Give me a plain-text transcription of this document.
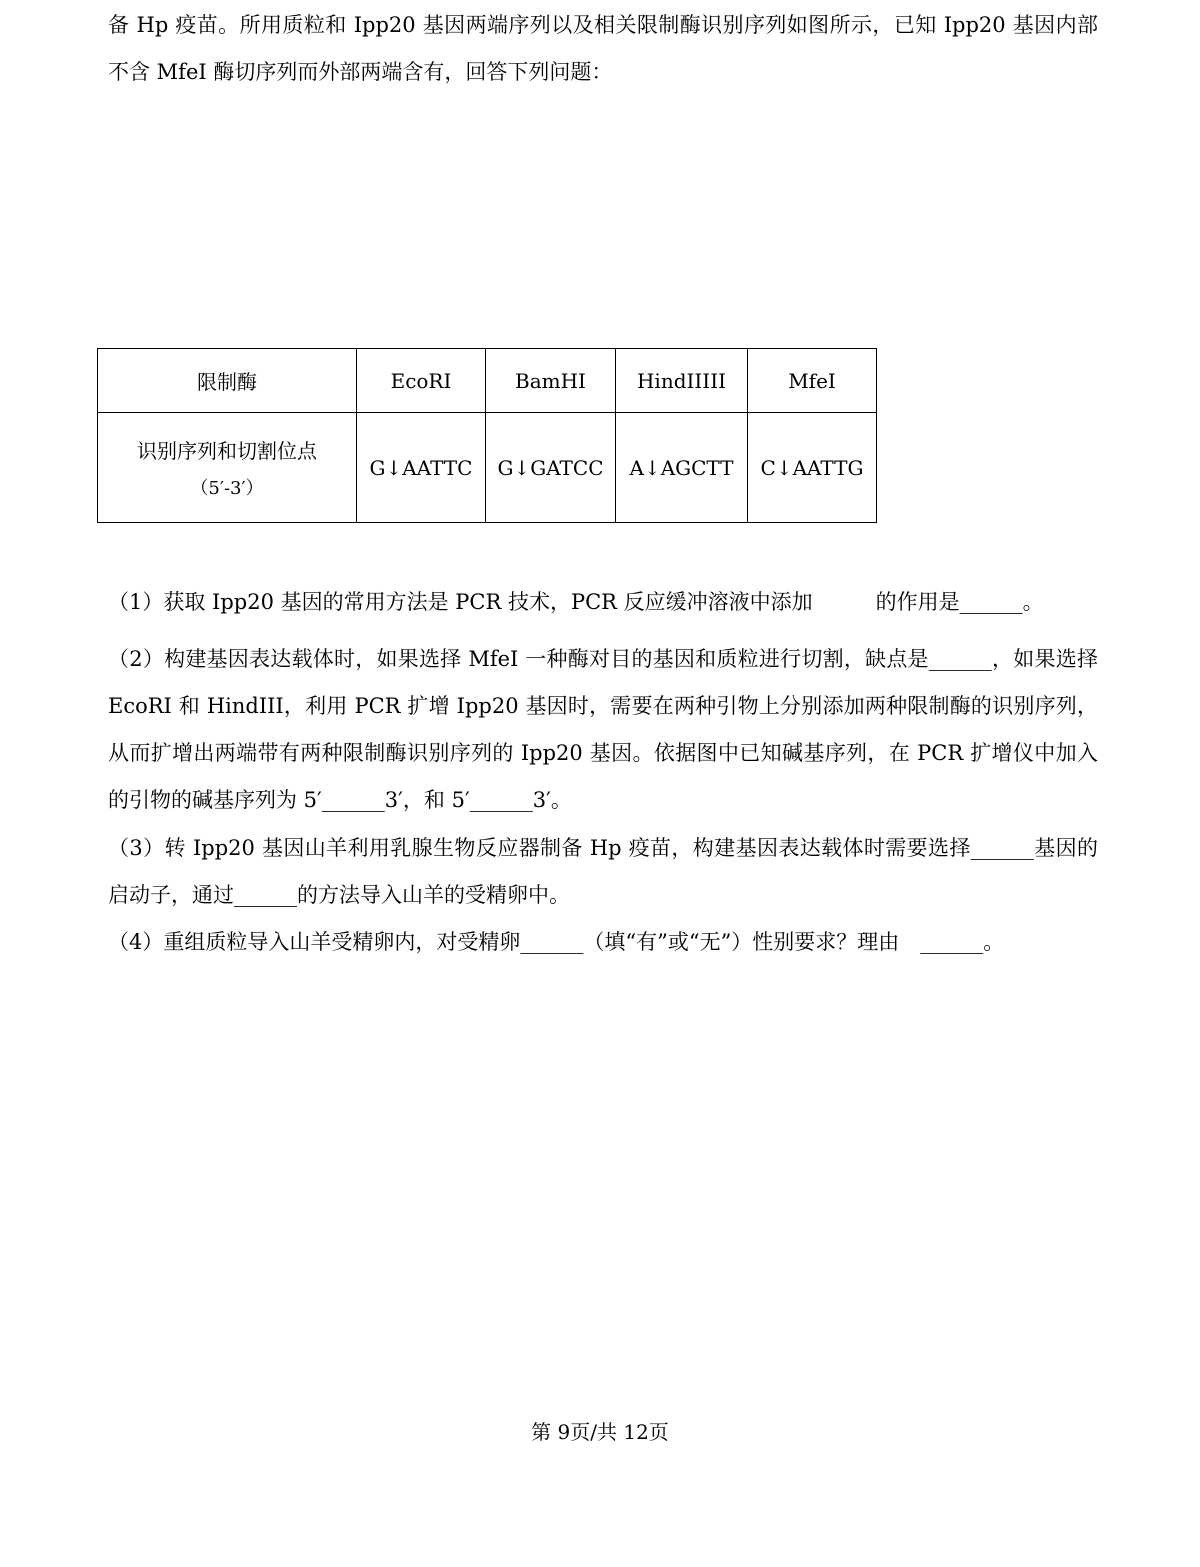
备 Hp 疫苗。所用质粒和 Ipp20 基因两端序列以及相关限制酶识别序列如图所示，已知 Ipp20 基因内部不含 MfeI 酶切序列而外部两端含有，回答下列问题：

限制酶	EcoRI	BamHI	HindIIIII	MfeI

识别序列和切割位点
（5′-3′）	G↓AATTC	G↓GATCC	A↓AGCTT	C↓AATTG

（1）获取 Ipp20 基因的常用方法是 PCR 技术，PCR 反应缓冲溶液中添加　　　的作用是______。

（2）构建基因表达载体时，如果选择 MfeI 一种酶对目的基因和质粒进行切割，缺点是______，如果选择 EcoRI 和 HindIII，利用 PCR 扩增 Ipp20 基因时，需要在两种引物上分别添加两种限制酶的识别序列，从而扩增出两端带有两种限制酶识别序列的 Ipp20 基因。依据图中已知碱基序列，在 PCR 扩增仪中加入的引物的碱基序列为 5′______3′，和 5′______3′。

（3）转 Ipp20 基因山羊利用乳腺生物反应器制备 Hp 疫苗，构建基因表达载体时需要选择______基因的启动子，通过______的方法导入山羊的受精卵中。

（4）重组质粒导入山羊受精卵内，对受精卵______（填“有”或“无”）性别要求？理由　______。

第 9页/共 12页
